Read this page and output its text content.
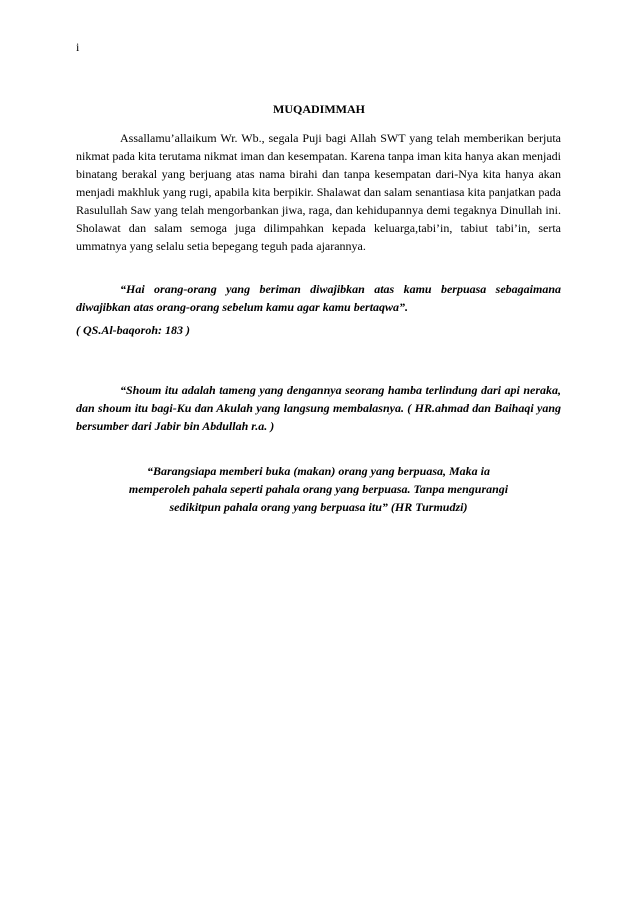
i
MUQADIMMAH

Assallamu’allaikum Wr. Wb., segala Puji bagi Allah SWT yang telah memberikan berjuta nikmat pada kita terutama nikmat iman dan kesempatan. Karena tanpa iman kita hanya akan menjadi binatang berakal yang berjuang atas nama birahi dan tanpa kesempatan dari-Nya kita hanya akan menjadi makhluk yang rugi, apabila kita berpikir. Shalawat dan salam senantiasa kita panjatkan pada Rasulullah Saw yang telah mengorbankan jiwa, raga, dan kehidupannya demi tegaknya Dinullah ini. Sholawat dan salam semoga juga dilimpahkan kepada keluarga,tabi’in, tabiut tabi’in, serta ummatnya yang selalu setia bepegang teguh pada ajarannya.

“Hai orang-orang yang beriman diwajibkan atas kamu berpuasa sebagaimana diwajibkan atas orang-orang sebelum kamu agar kamu bertaqwa”.

( QS.Al-baqoroh: 183 )

“Shoum itu adalah tameng yang dengannya seorang hamba terlindung dari api neraka, dan shoum itu bagi-Ku dan Akulah yang langsung membalasnya. ( HR.ahmad dan Baihaqi yang bersumber dari Jabir bin Abdullah r.a. )

“Barangsiapa memberi buka (makan) orang yang berpuasa, Maka ia
memperoleh pahala seperti pahala orang yang berpuasa. Tanpa mengurangi
sedikitpun pahala orang yang berpuasa itu” (HR Turmudzi)
